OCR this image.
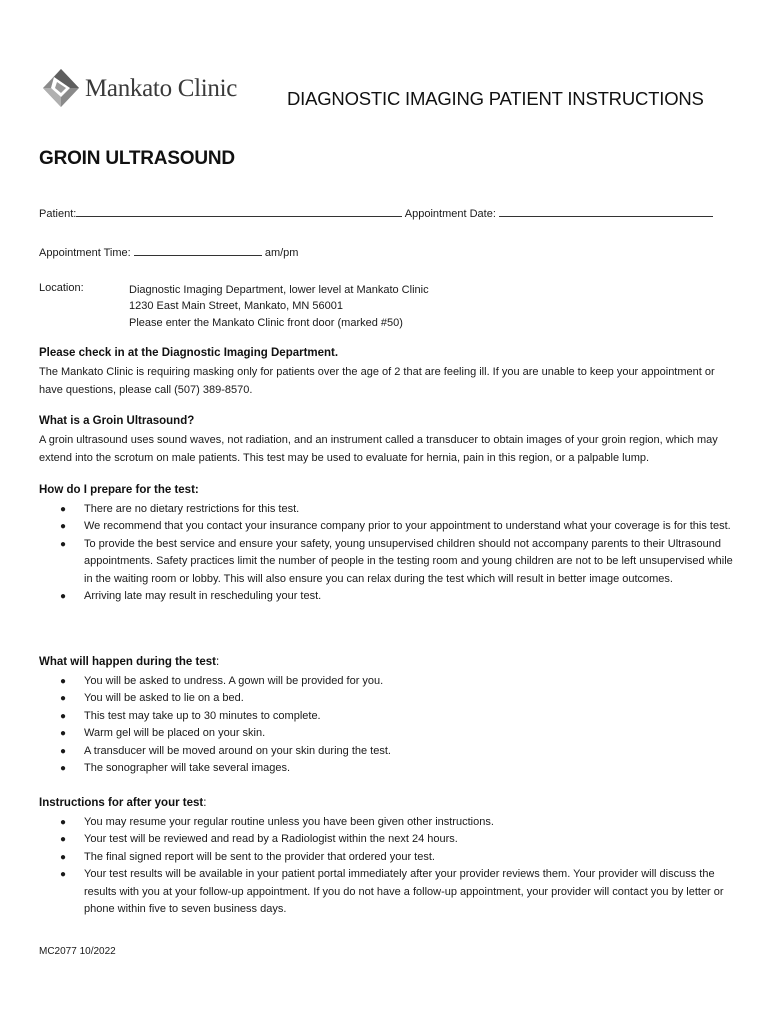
Mankato Clinic	DIAGNOSTIC IMAGING PATIENT INSTRUCTIONS
GROIN ULTRASOUND
Patient:	Appointment Date:
Appointment Time:	am/pm
Location:	Diagnostic Imaging Department, lower level at Mankato Clinic
1230 East Main Street, Mankato, MN 56001
Please enter the Mankato Clinic front door (marked #50)
Please check in at the Diagnostic Imaging Department.

The Mankato Clinic is requiring masking only for patients over the age of 2 that are feeling ill. If you are unable to keep your appointment or have questions, please call (507) 389-8570.

What is a Groin Ultrasound?

A groin ultrasound uses sound waves, not radiation, and an instrument called a transducer to obtain images of your groin region, which may extend into the scrotum on male patients. This test may be used to evaluate for hernia, pain in this region, or a palpable lump.

How do I prepare for the test:
● There are no dietary restrictions for this test.
● We recommend that you contact your insurance company prior to your appointment to understand what your coverage is for this test.
● To provide the best service and ensure your safety, young unsupervised children should not accompany parents to their Ultrasound appointments. Safety practices limit the number of people in the testing room and young children are not to be left unsupervised while in the waiting room or lobby. This will also ensure you can relax during the test which will result in better image outcomes.
● Arriving late may result in rescheduling your test.
What will happen during the test:
● You will be asked to undress. A gown will be provided for you.
● You will be asked to lie on a bed.
● This test may take up to 30 minutes to complete.
● Warm gel will be placed on your skin.
● A transducer will be moved around on your skin during the test.
● The sonographer will take several images.
Instructions for after your test:
● You may resume your regular routine unless you have been given other instructions.
● Your test will be reviewed and read by a Radiologist within the next 24 hours.
● The final signed report will be sent to the provider that ordered your test.
● Your test results will be available in your patient portal immediately after your provider reviews them. Your provider will discuss the results with you at your follow-up appointment. If you do not have a follow-up appointment, your provider will contact you by letter or phone within five to seven business days.
MC2077 10/2022
